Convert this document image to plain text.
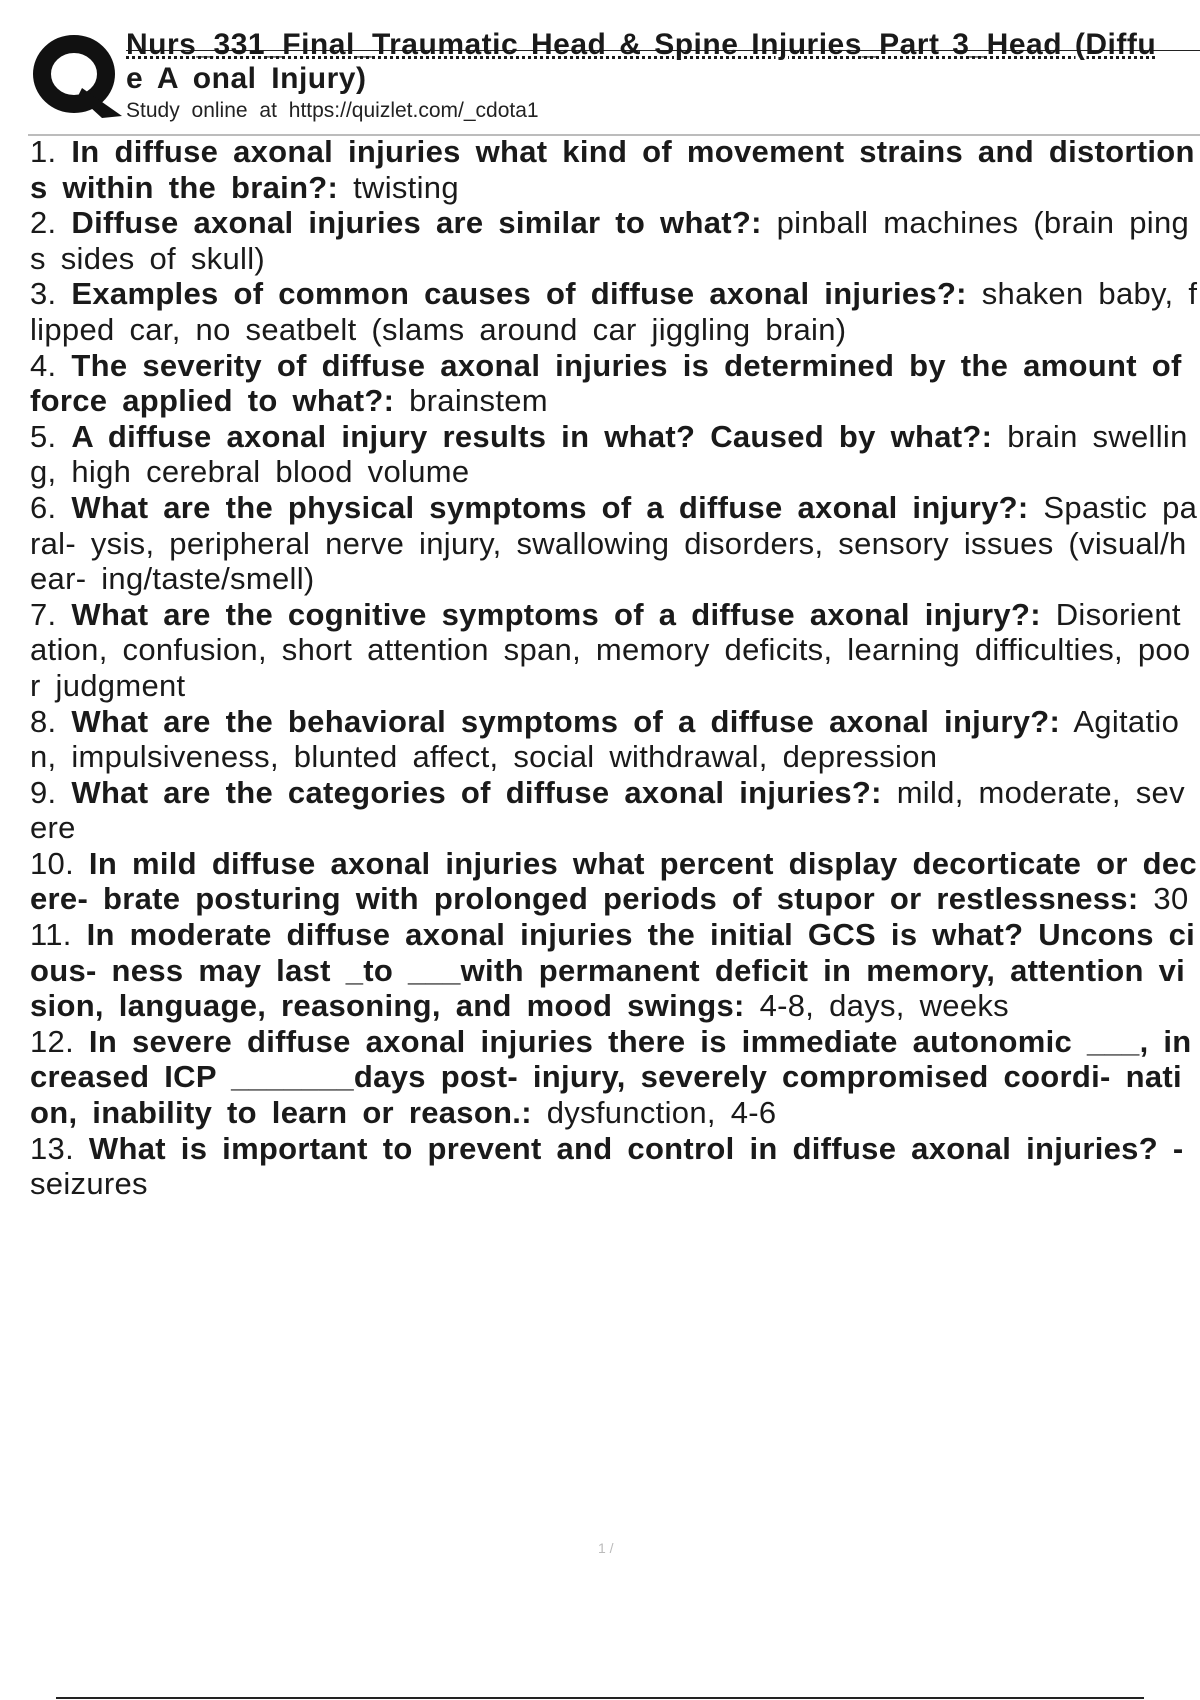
Nurs_331_Final_Traumatic Head & Spine Injuries_Part 3_Head (Diffu
e A onal Injury)
Study online at https://quizlet.com/_cdota1

1. In diffuse axonal injuries what kind of movement strains and distortions within the brain?: twisting

2. Diffuse axonal injuries are similar to what?: pinball machines (brain pings sides of skull)

3. Examples of common causes of diffuse axonal injuries?: shaken baby, flipped car, no seatbelt (slams around car jiggling brain)

4. The severity of diffuse axonal injuries is determined by the amount of force applied to what?: brainstem

5. A diffuse axonal injury results in what? Caused by what?: brain swelling, high cerebral blood volume

6. What are the physical symptoms of a diffuse axonal injury?: Spastic paral- ysis, peripheral nerve injury, swallowing disorders, sensory issues (visual/hear- ing/taste/smell)

7. What are the cognitive symptoms of a diffuse axonal injury?: Disorientation, confusion, short attention span, memory deficits, learning difficulties, poor judgment

8. What are the behavioral symptoms of a diffuse axonal injury?: Agitation, impulsiveness, blunted affect, social withdrawal, depression

9. What are the categories of diffuse axonal injuries?: mild, moderate, severe

10. In mild diffuse axonal injuries what percent display decorticate or decere- brate posturing with prolonged periods of stupor or restlessness: 30

11. In moderate diffuse axonal injuries the initial GCS is what? Uncons cious- ness may last _to ___with permanent deficit in memory, attention vision, language, reasoning, and mood swings: 4-8, days, weeks

12. In severe diffuse axonal injuries there is immediate autonomic ___, increased ICP _______days post- injury, severely compromised coordi- nation, inability to learn or reason.: dysfunction, 4-6

13. What is important to prevent and control in diffuse axonal injuries? -
seizures

1 /
